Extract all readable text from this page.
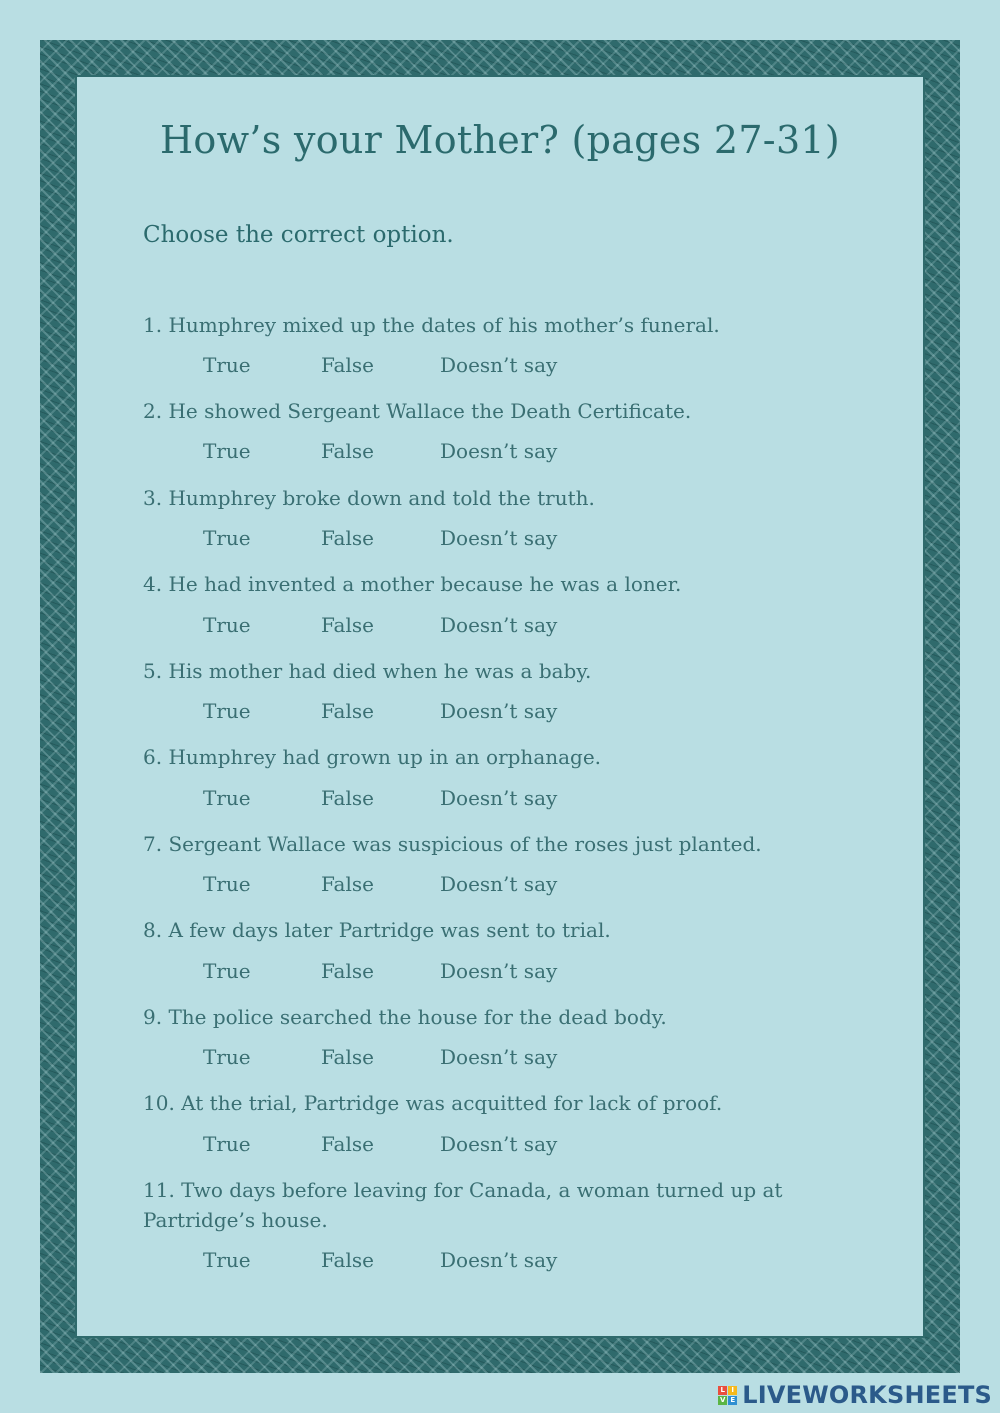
How’s your Mother? (pages 27-31)

Choose the correct option.

1. Humphrey mixed up the dates of his mother’s funeral.
True	False	Doesn’t say
2. He showed Sergeant Wallace the Death Certificate.
True	False	Doesn’t say
3. Humphrey broke down and told the truth.
True	False	Doesn’t say
4. He had invented a mother because he was a loner.
True	False	Doesn’t say
5. His mother had died when he was a baby.
True	False	Doesn’t say
6. Humphrey had grown up in an orphanage.
True	False	Doesn’t say
7. Sergeant Wallace was suspicious of the roses just planted.
True	False	Doesn’t say
8. A few days later Partridge was sent to trial.
True	False	Doesn’t say
9. The police searched the house for the dead body.
True	False	Doesn’t say
10. At the trial, Partridge was acquitted for lack of proof.
True	False	Doesn’t say
11. Two days before leaving for Canada, a woman turned up at Partridge’s house.
True	False	Doesn’t say
L I
V E LIVEWORKSHEETS
